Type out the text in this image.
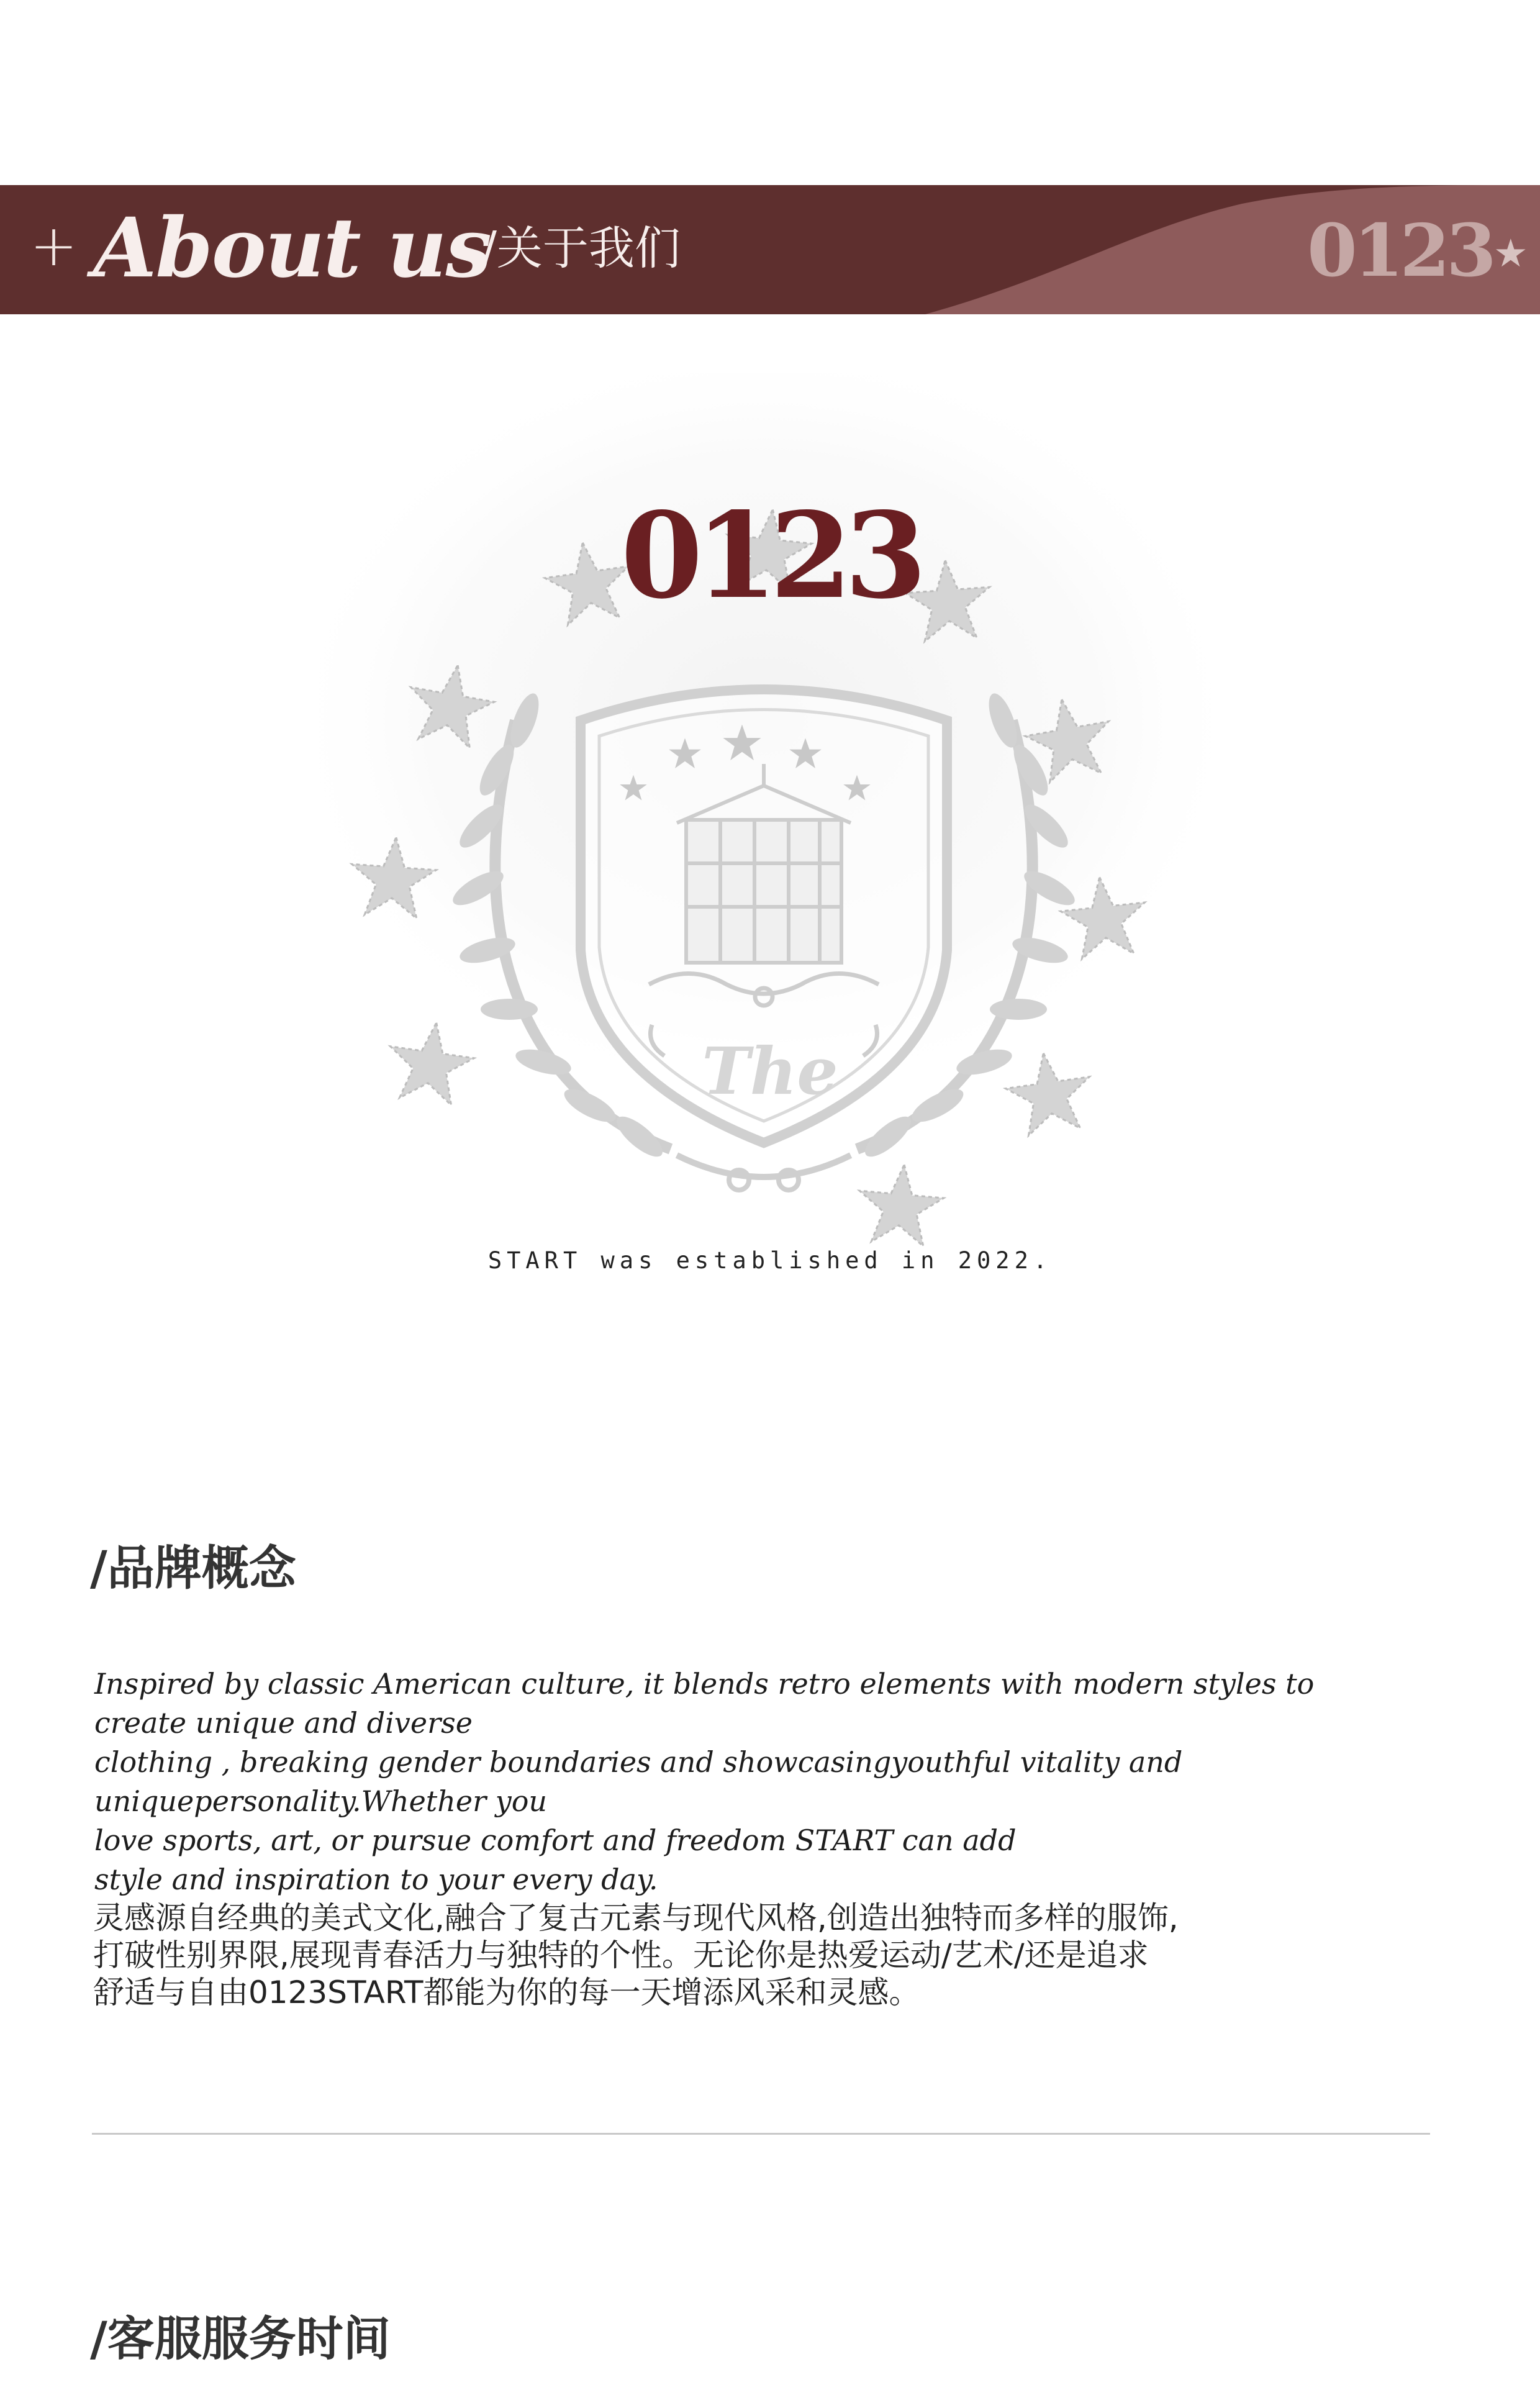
+ About us
/关于我们	0123 ★
0123
The
START was established in 2022.
/品牌概念

Inspired by classic American culture, it blends retro elements with modern styles to create unique and diverse
clothing , breaking gender boundaries and showcasingyouthful vitality and uniquepersonality.Whether you
love sports, art, or pursue comfort and freedom START can add
style and inspiration to your every day.

灵感源自经典的美式文化,融合了复古元素与现代风格,创造出独特而多样的服饰,
打破性别界限,展现青春活力与独特的个性。无论你是热爱运动/艺术/还是追求
舒适与自由0123START都能为你的每一天增添风采和灵感。

/客服服务时间
